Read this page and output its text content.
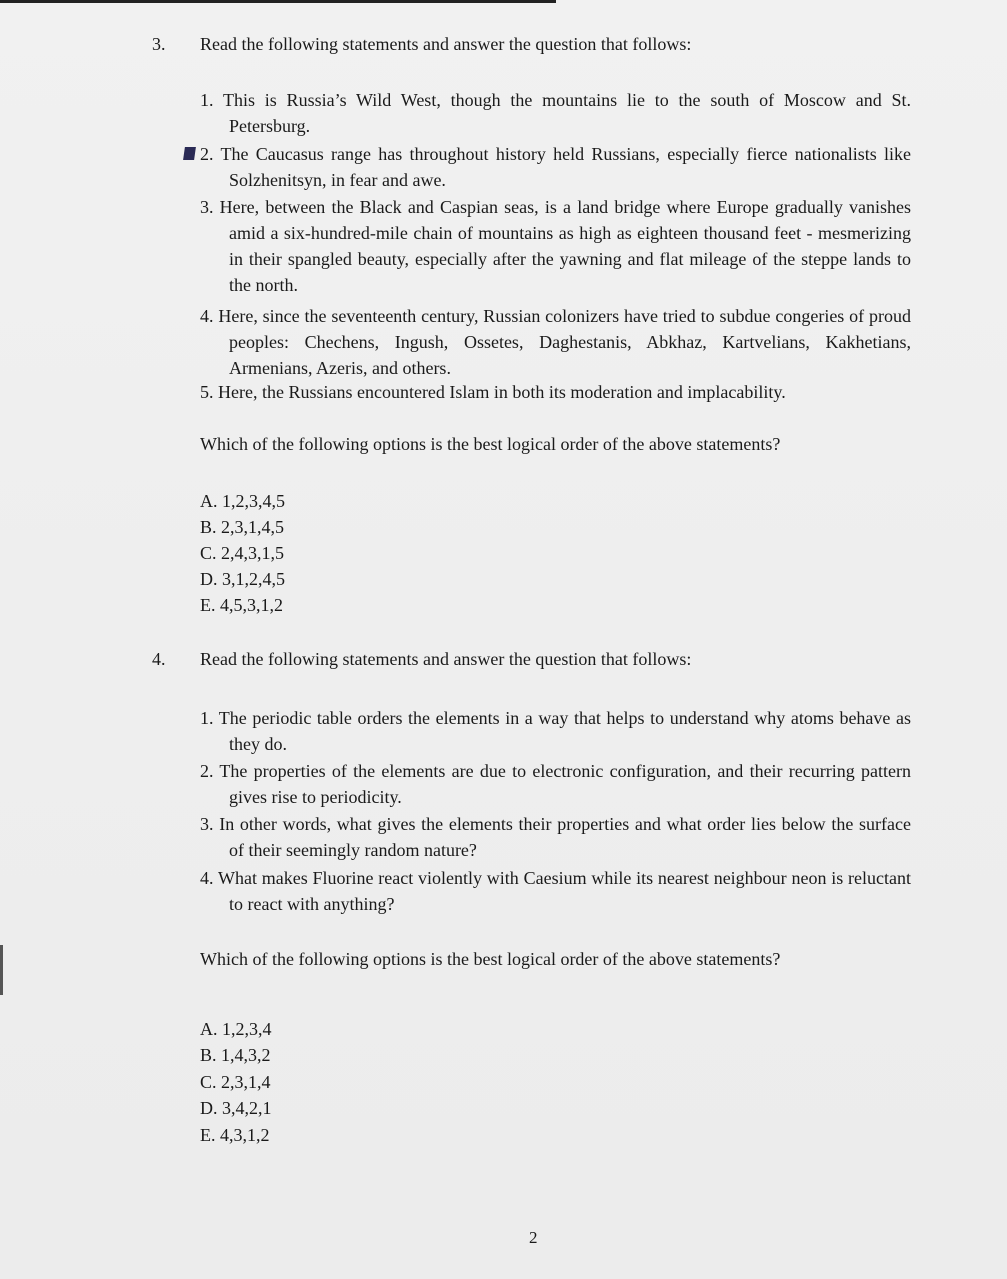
3. Read the following statements and answer the question that follows:
1. This is Russia’s Wild West, though the mountains lie to the south of Moscow and St. Petersburg.
2. The Caucasus range has throughout history held Russians, especially fierce nationalists like Solzhenitsyn, in fear and awe.
3. Here, between the Black and Caspian seas, is a land bridge where Europe gradually vanishes amid a six-hundred-mile chain of mountains as high as eighteen thousand feet - mesmerizing in their spangled beauty, especially after the yawning and flat mileage of the steppe lands to the north.
4. Here, since the seventeenth century, Russian colonizers have tried to subdue congeries of proud peoples: Chechens, Ingush, Ossetes, Daghestanis, Abkhaz, Kartvelians, Kakhetians, Armenians, Azeris, and others.
5. Here, the Russians encountered Islam in both its moderation and implacability.
Which of the following options is the best logical order of the above statements?
A. 1,2,3,4,5
B. 2,3,1,4,5
C. 2,4,3,1,5
D. 3,1,2,4,5
E. 4,5,3,1,2
4. Read the following statements and answer the question that follows:
1. The periodic table orders the elements in a way that helps to understand why atoms behave as they do.
2. The properties of the elements are due to electronic configuration, and their recurring pattern gives rise to periodicity.
3. In other words, what gives the elements their properties and what order lies below the surface of their seemingly random nature?
4. What makes Fluorine react violently with Caesium while its nearest neighbour neon is reluctant to react with anything?
Which of the following options is the best logical order of the above statements?
A. 1,2,3,4
B. 1,4,3,2
C. 2,3,1,4
D. 3,4,2,1
E. 4,3,1,2
2
